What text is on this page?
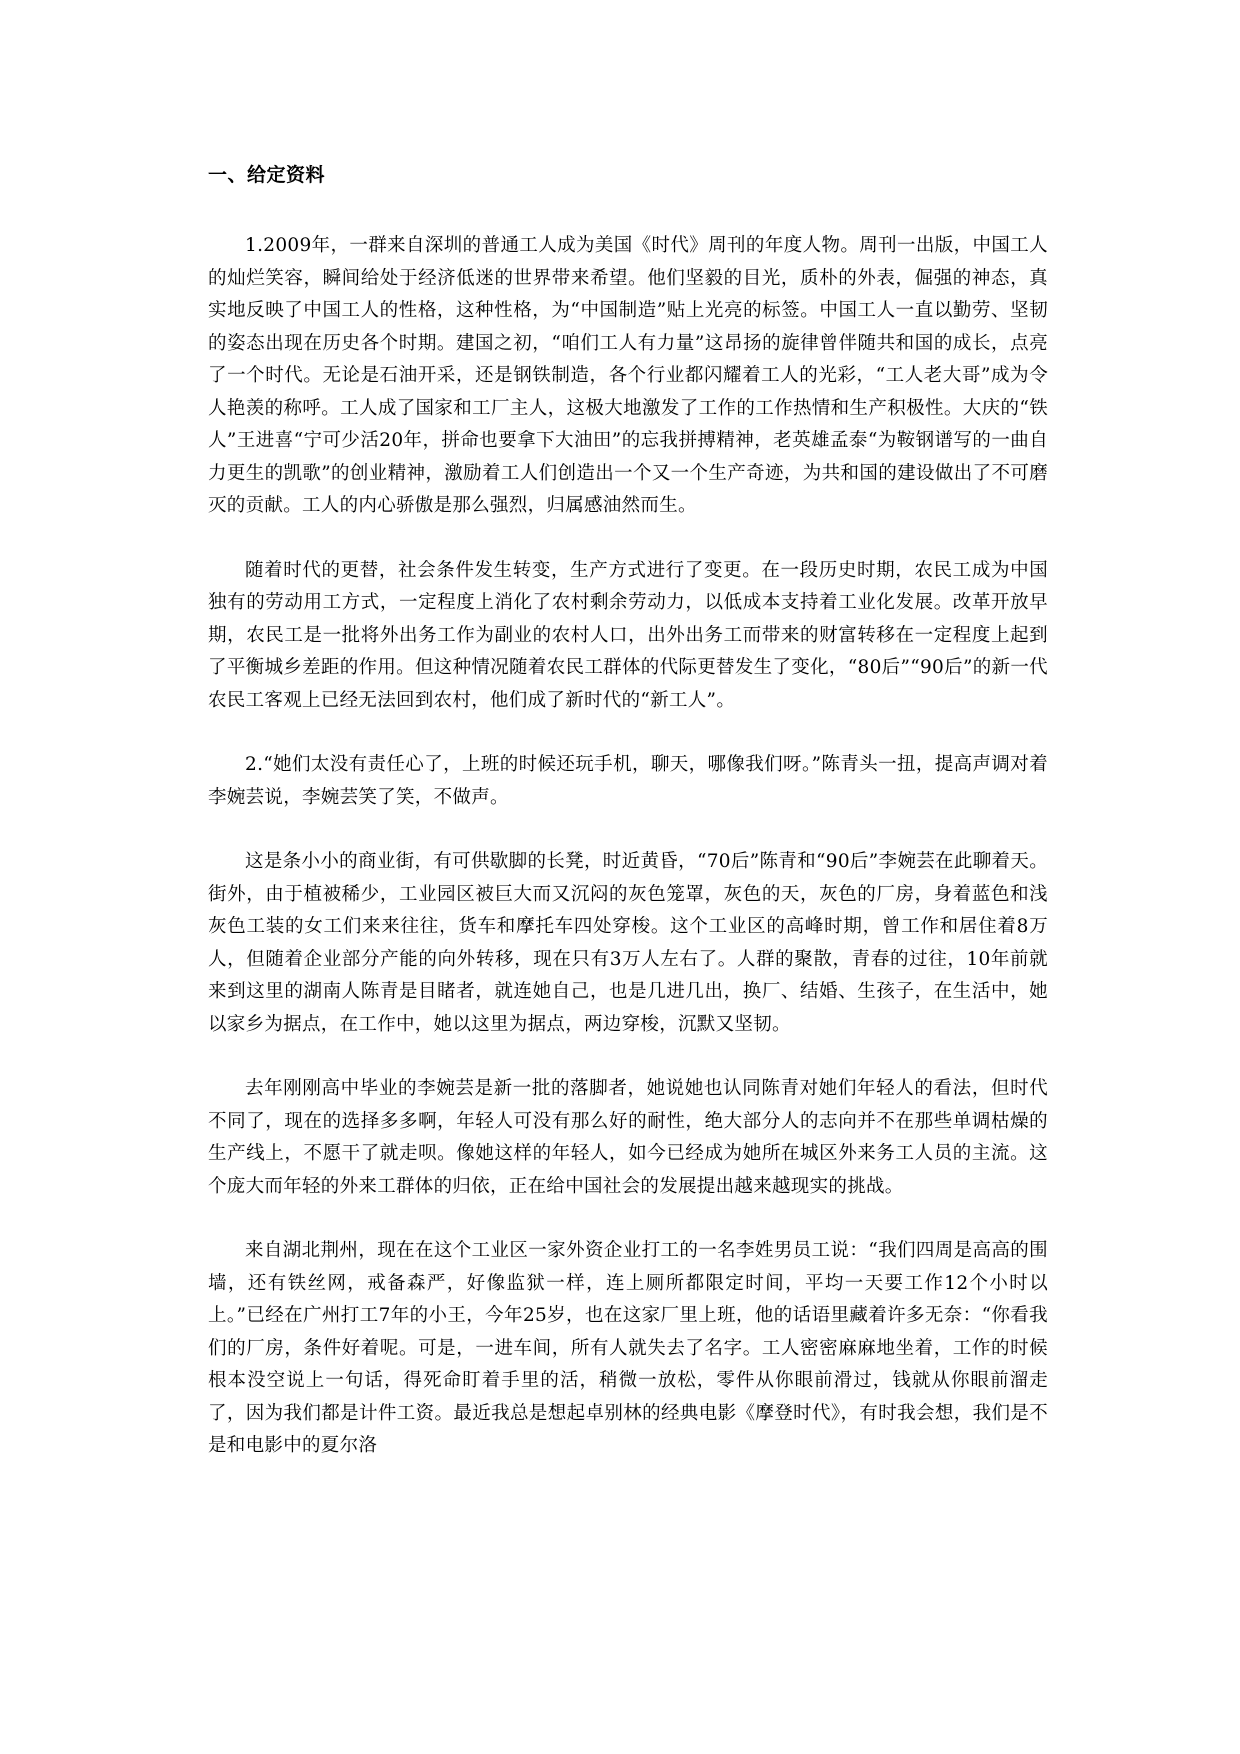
一、给定资料

1.2009年，一群来自深圳的普通工人成为美国《时代》周刊的年度人物。周刊一出版，中国工人的灿烂笑容，瞬间给处于经济低迷的世界带来希望。他们坚毅的目光，质朴的外表，倔强的神态，真实地反映了中国工人的性格，这种性格，为“中国制造”贴上光亮的标签。中国工人一直以勤劳、坚韧的姿态出现在历史各个时期。建国之初，“咱们工人有力量”这昂扬的旋律曾伴随共和国的成长，点亮了一个时代。无论是石油开采，还是钢铁制造，各个行业都闪耀着工人的光彩，“工人老大哥”成为令人艳羡的称呼。工人成了国家和工厂主人，这极大地激发了工作的工作热情和生产积极性。大庆的“铁人”王进喜“宁可少活20年，拼命也要拿下大油田”的忘我拼搏精神，老英雄孟泰“为鞍钢谱写的一曲自力更生的凯歌”的创业精神，激励着工人们创造出一个又一个生产奇迹，为共和国的建设做出了不可磨灭的贡献。工人的内心骄傲是那么强烈，归属感油然而生。

随着时代的更替，社会条件发生转变，生产方式进行了变更。在一段历史时期，农民工成为中国独有的劳动用工方式，一定程度上消化了农村剩余劳动力，以低成本支持着工业化发展。改革开放早期，农民工是一批将外出务工作为副业的农村人口，出外出务工而带来的财富转移在一定程度上起到了平衡城乡差距的作用。但这种情况随着农民工群体的代际更替发生了变化，“80后”“90后”的新一代农民工客观上已经无法回到农村，他们成了新时代的“新工人”。

2.“她们太没有责任心了，上班的时候还玩手机，聊天，哪像我们呀。”陈青头一扭，提高声调对着李婉芸说，李婉芸笑了笑，不做声。

这是条小小的商业街，有可供歇脚的长凳，时近黄昏，“70后”陈青和“90后”李婉芸在此聊着天。街外，由于植被稀少，工业园区被巨大而又沉闷的灰色笼罩，灰色的天，灰色的厂房，身着蓝色和浅灰色工装的女工们来来往往，货车和摩托车四处穿梭。这个工业区的高峰时期，曾工作和居住着8万人，但随着企业部分产能的向外转移，现在只有3万人左右了。人群的聚散，青春的过往，10年前就来到这里的湖南人陈青是目睹者，就连她自己，也是几进几出，换厂、结婚、生孩子，在生活中，她以家乡为据点，在工作中，她以这里为据点，两边穿梭，沉默又坚韧。

去年刚刚高中毕业的李婉芸是新一批的落脚者，她说她也认同陈青对她们年轻人的看法，但时代不同了，现在的选择多多啊，年轻人可没有那么好的耐性，绝大部分人的志向并不在那些单调枯燥的生产线上，不愿干了就走呗。像她这样的年轻人，如今已经成为她所在城区外来务工人员的主流。这个庞大而年轻的外来工群体的归依，正在给中国社会的发展提出越来越现实的挑战。

来自湖北荆州，现在在这个工业区一家外资企业打工的一名李姓男员工说：“我们四周是高高的围墙，还有铁丝网，戒备森严，好像监狱一样，连上厕所都限定时间，平均一天要工作12个小时以上。”已经在广州打工7年的小王，今年25岁，也在这家厂里上班，他的话语里藏着许多无奈：“你看我们的厂房，条件好着呢。可是，一进车间，所有人就失去了名字。工人密密麻麻地坐着，工作的时候根本没空说上一句话，得死命盯着手里的活，稍微一放松，零件从你眼前滑过，钱就从你眼前溜走了，因为我们都是计件工资。最近我总是想起卓别林的经典电影《摩登时代》，有时我会想，我们是不是和电影中的夏尔洛
